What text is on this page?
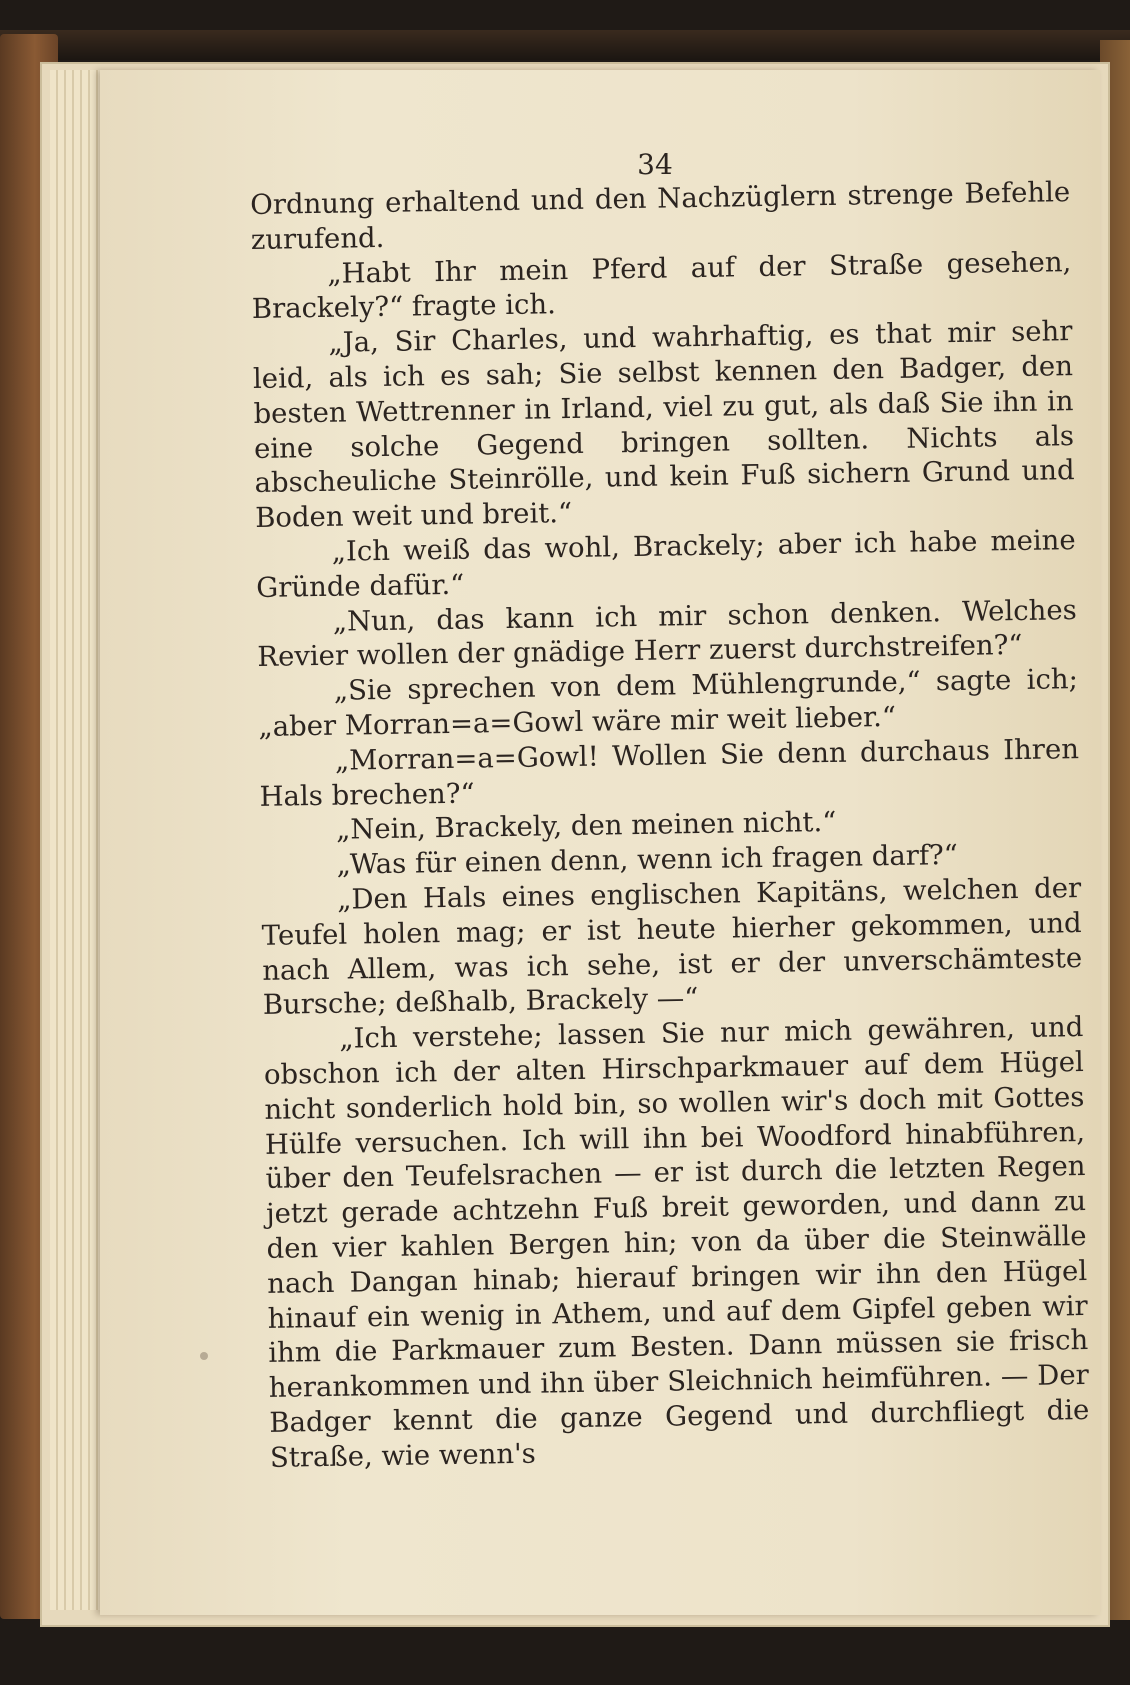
34

Ordnung erhaltend und den Nachzüglern strenge Befehle zurufend.

„Habt Ihr mein Pferd auf der Straße gesehen, Brackely?“ fragte ich.

„Ja, Sir Charles, und wahrhaftig, es that mir sehr leid, als ich es sah; Sie selbst kennen den Badger, den besten Wettrenner in Irland, viel zu gut, als daß Sie ihn in eine solche Gegend bringen sollten. Nichts als abscheuliche Steinrölle, und kein Fuß sichern Grund und Boden weit und breit.“

„Ich weiß das wohl, Brackely; aber ich habe meine Gründe dafür.“

„Nun, das kann ich mir schon denken. Welches Revier wollen der gnädige Herr zuerst durchstreifen?“

„Sie sprechen von dem Mühlengrunde,“ sagte ich; „aber Morran=a=Gowl wäre mir weit lieber.“

„Morran=a=Gowl! Wollen Sie denn durchaus Ihren Hals brechen?“

„Nein, Brackely, den meinen nicht.“

„Was für einen denn, wenn ich fragen darf?“

„Den Hals eines englischen Kapitäns, welchen der Teufel holen mag; er ist heute hierher gekommen, und nach Allem, was ich sehe, ist er der unverschämteste Bursche; deßhalb, Brackely —“

„Ich verstehe; lassen Sie nur mich gewähren, und obschon ich der alten Hirschparkmauer auf dem Hügel nicht sonderlich hold bin, so wollen wir's doch mit Gottes Hülfe versuchen. Ich will ihn bei Woodford hinabführen, über den Teufelsrachen — er ist durch die letzten Regen jetzt gerade achtzehn Fuß breit geworden, und dann zu den vier kahlen Bergen hin; von da über die Steinwälle nach Dangan hinab; hierauf bringen wir ihn den Hügel hinauf ein wenig in Athem, und auf dem Gipfel geben wir ihm die Parkmauer zum Besten. Dann müssen sie frisch herankommen und ihn über Sleichnich heimführen. — Der Badger kennt die ganze Gegend und durchfliegt die Straße, wie wenn's
